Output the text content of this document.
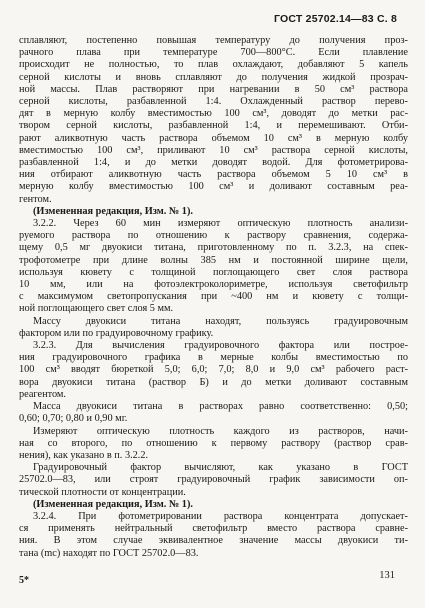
ГОСТ 25702.14—83 С. 8
сплавляют, постепенно повышая температуру до получения проз-
рачного плава при температуре 700—800°С. Если плавление
происходит не полностью, то плав охлаждают, добавляют 5 капель
серной кислоты и вновь сплавляют до получения жидкой прозрач-
ной массы. Плав растворяют при нагревании в 50 см³ раствора
серной кислоты, разбавленной 1:4. Охлажденный раствор перево-
дят в мерную колбу вместимостью 100 см³, доводят до метки рас-
твором серной кислоты, разбавленной 1:4, и перемешивают. Отби-
рают аликвотную часть раствора объемом 10 см³ в мерную колбу
вместимостью 100 см³, приливают 10 см³ раствора серной кислоты,
разбавленной 1:4, и до метки доводят водой. Для фотометрирова-
ния отбирают аликвотную часть раствора объемом 5 10 см³ в
мерную колбу вместимостью 100 см³ и доливают составным реа-
гентом.
(Измененная редакция, Изм. № 1).
3.2.2. Через 60 мин измеряют оптическую плотность анализи-
руемого раствора по отношению к раствору сравнения, содержа-
щему 0,5 мг двуокиси титана, приготовленному по п. 3.2.3, на спек-
трофотометре при длине волны 385 нм и постоянной ширине щели,
используя кювету с толщиной поглощающего свет слоя раствора
10 мм, или на фотоэлектроколориметре, используя светофильтр
с максимумом светопропускания при ~400 нм и кювету с толщи-
ной поглощающего свет слоя 5 мм.
Массу двуокиси титана находят, пользуясь градуировочным
фактором или по градуировочному графику.
3.2.3. Для вычисления градуировочного фактора или построе-
ния градуировочного графика в мерные колбы вместимостью по
100 см³ вводят бюреткой 5,0; 6,0; 7,0; 8,0 и 9,0 см³ рабочего раст-
вора двуокиси титана (раствор Б) и до метки доливают составным
реагентом.
Масса двуокиси титана в растворах равно соответственно: 0,50;
0,60; 0,70; 0,80 и 0,90 мг.
Измеряют оптическую плотность каждого из растворов, начи-
ная со второго, по отношению к первому раствору (раствор срав-
нения), как указано в п. 3.2.2.
Градуировочный фактор вычисляют, как указано в ГОСТ
25702.0—83, или строят градуировочный график зависимости оп-
тической плотности от концентрации.
(Измененная редакция, Изм. № 1).
3.2.4. При фотометрировании раствора концентрата допускает-
ся применять нейтральный светофильтр вместо раствора сравне-
ния. В этом случае эквивалентное значение массы двуокиси ти-
тана (mc) находят по ГОСТ 25702.0—83.
5*	131
